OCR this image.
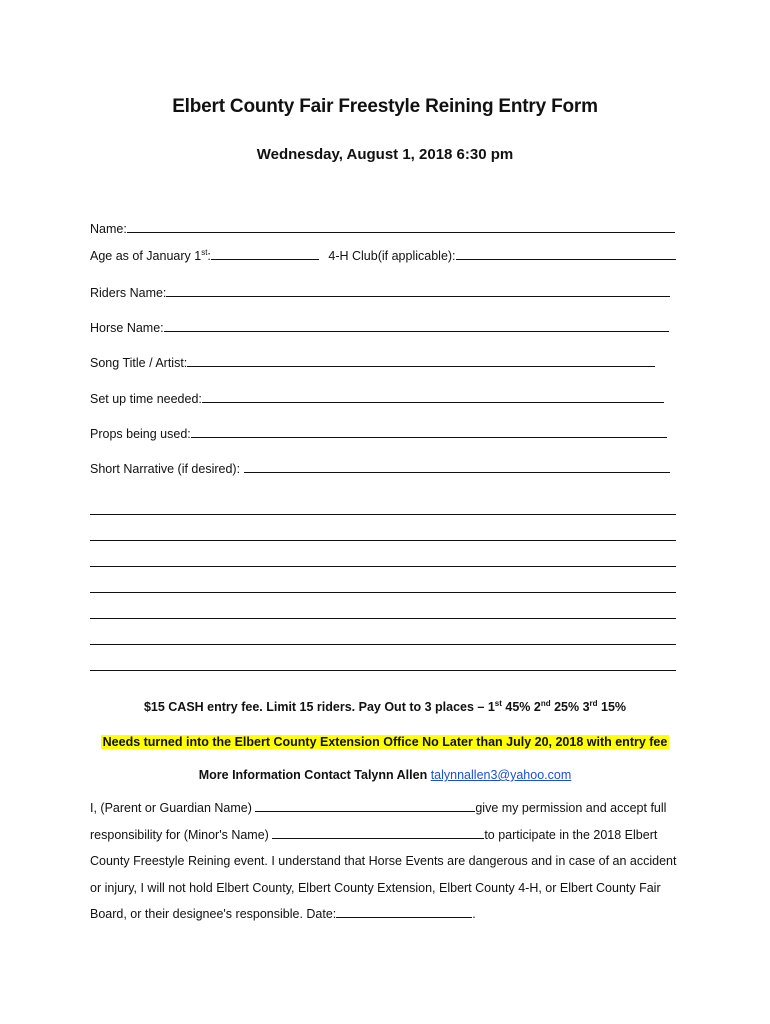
Elbert County Fair Freestyle Reining Entry Form
Wednesday, August 1, 2018 6:30 pm
Name:
Age as of January 1st:	4-H Club(if applicable):
Riders Name:
Horse Name:
Song Title / Artist:
Set up time needed:
Props being used:
Short Narrative (if desired):
$15 CASH entry fee. Limit 15 riders. Pay Out to 3 places – 1st 45% 2nd 25% 3rd 15%
Needs turned into the Elbert County Extension Office No Later than July 20, 2018 with entry fee
More Information Contact Talynn Allen talynnallen3@yahoo.com
I, (Parent or Guardian Name)	give my permission and accept full responsibility for (Minor's Name)	to participate in the 2018 Elbert County Freestyle Reining event. I understand that Horse Events are dangerous and in case of an accident or injury, I will not hold Elbert County, Elbert County Extension, Elbert County 4-H, or Elbert County Fair Board, or their designee's responsible. Date:	.
